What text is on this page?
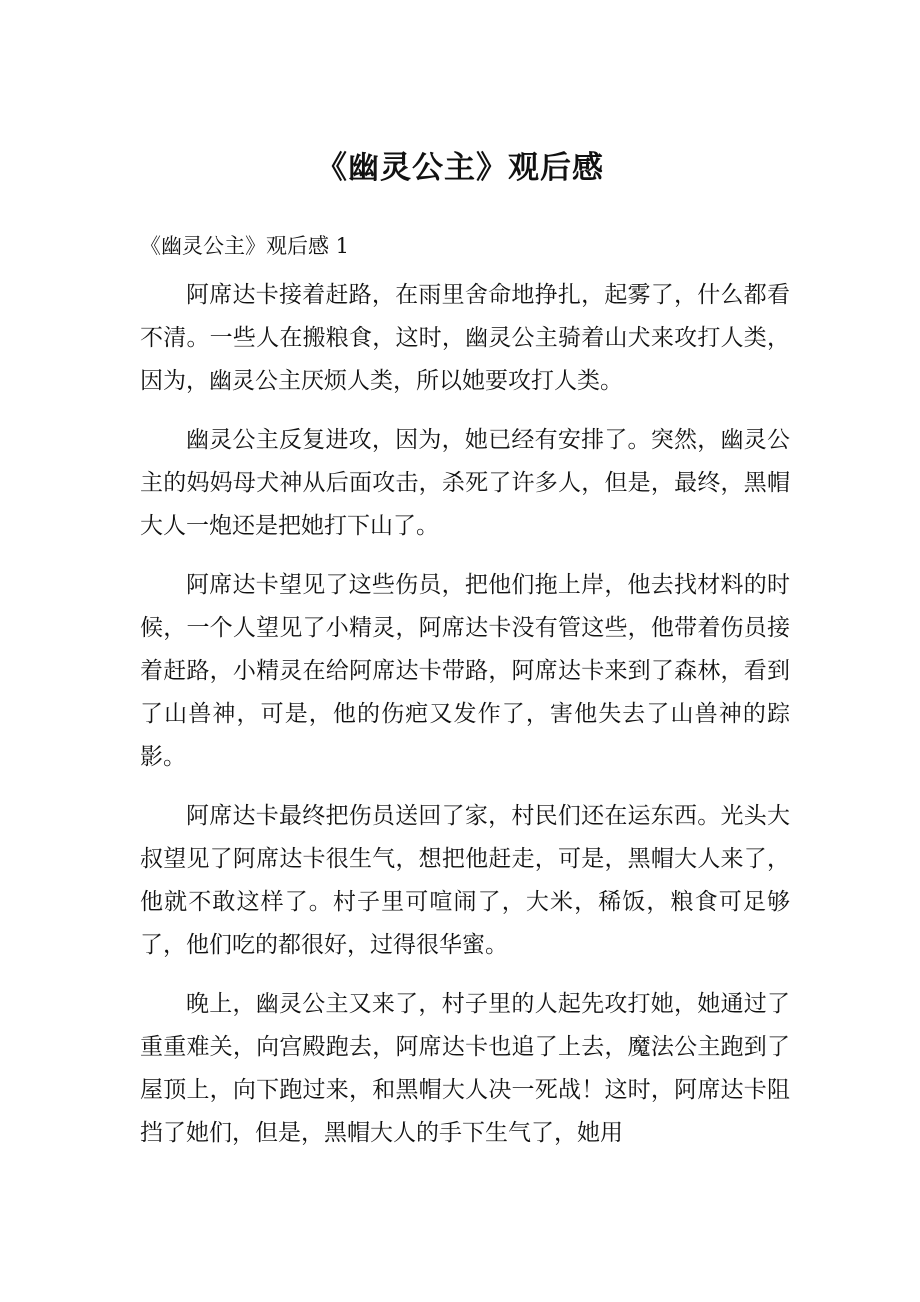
《幽灵公主》观后感
《幽灵公主》观后感 1

阿席达卡接着赶路，在雨里舍命地挣扎，起雾了，什么都看不清。一些人在搬粮食，这时，幽灵公主骑着山犬来攻打人类，因为，幽灵公主厌烦人类，所以她要攻打人类。

幽灵公主反复进攻，因为，她已经有安排了。突然，幽灵公主的妈妈母犬神从后面攻击，杀死了许多人，但是，最终，黑帽大人一炮还是把她打下山了。

阿席达卡望见了这些伤员，把他们拖上岸，他去找材料的时候，一个人望见了小精灵，阿席达卡没有管这些，他带着伤员接着赶路，小精灵在给阿席达卡带路，阿席达卡来到了森林，看到了山兽神，可是，他的伤疤又发作了，害他失去了山兽神的踪影。

阿席达卡最终把伤员送回了家，村民们还在运东西。光头大叔望见了阿席达卡很生气，想把他赶走，可是，黑帽大人来了，他就不敢这样了。村子里可喧闹了，大米，稀饭，粮食可足够了，他们吃的都很好，过得很华蜜。

晚上，幽灵公主又来了，村子里的人起先攻打她，她通过了重重难关，向宫殿跑去，阿席达卡也追了上去，魔法公主跑到了屋顶上，向下跑过来，和黑帽大人决一死战！这时，阿席达卡阻挡了她们，但是，黑帽大人的手下生气了，她用
